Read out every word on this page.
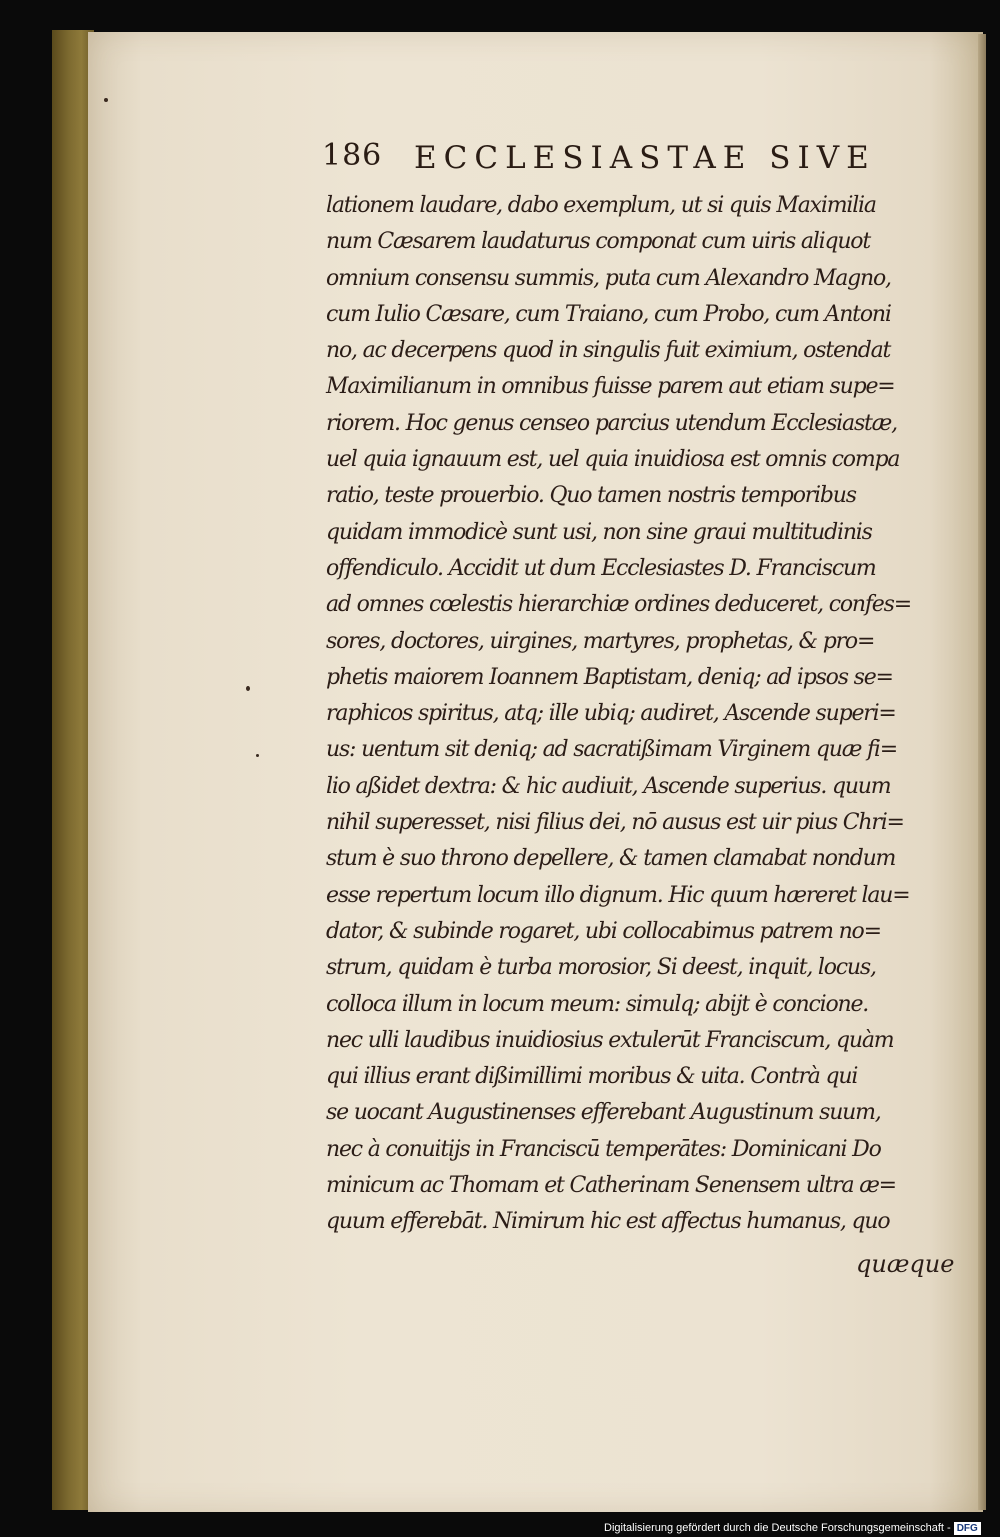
186 ECCLESIASTAE SIVE
lationem laudare, dabo exemplum, ut si quis Maximilia
num Cæsarem laudaturus componat cum uiris aliquot
omnium consensu summis, puta cum Alexandro Magno,
cum Iulio Cæsare, cum Traiano, cum Probo, cum Antoni
no, ac decerpens quod in singulis fuit eximium, ostendat
Maximilianum in omnibus fuisse parem aut etiam supe=
riorem. Hoc genus censeo parcius utendum Ecclesiastæ,
uel quia ignauum est, uel quia inuidiosa est omnis compa
ratio, teste prouerbio. Quo tamen nostris temporibus
quidam immodicè sunt usi, non sine graui multitudinis
offendiculo. Accidit ut dum Ecclesiastes D. Franciscum
ad omnes cœlestis hierarchiæ ordines deduceret, confes=
sores, doctores, uirgines, martyres, prophetas, & pro=
phetis maiorem Ioannem Baptistam, deniq; ad ipsos se=
raphicos spiritus, atq; ille ubiq; audiret, Ascende superi=
us: uentum sit deniq; ad sacratißimam Virginem quæ fi=
lio aßidet dextra: & hic audiuit, Ascende superius. quum
nihil superesset, nisi filius dei, nō ausus est uir pius Chri=
stum è suo throno depellere, & tamen clamabat nondum
esse repertum locum illo dignum. Hic quum hæreret lau=
dator, & subinde rogaret, ubi collocabimus patrem no=
strum, quidam è turba morosior, Si deest, inquit, locus,
colloca illum in locum meum: simulq; abijt è concione.
nec ulli laudibus inuidiosius extulerūt Franciscum, quàm
qui illius erant dißimillimi moribus & uita. Contrà qui
se uocant Augustinenses efferebant Augustinum suum,
nec à conuitijs in Franciscū temperātes: Dominicani Do
minicum ac Thomam et Catherinam Senensem ultra æ=
quum efferebāt. Nimirum hic est affectus humanus, quo
quæque
Digitalisierung gefördert durch die Deutsche Forschungsgemeinschaft - DFG
